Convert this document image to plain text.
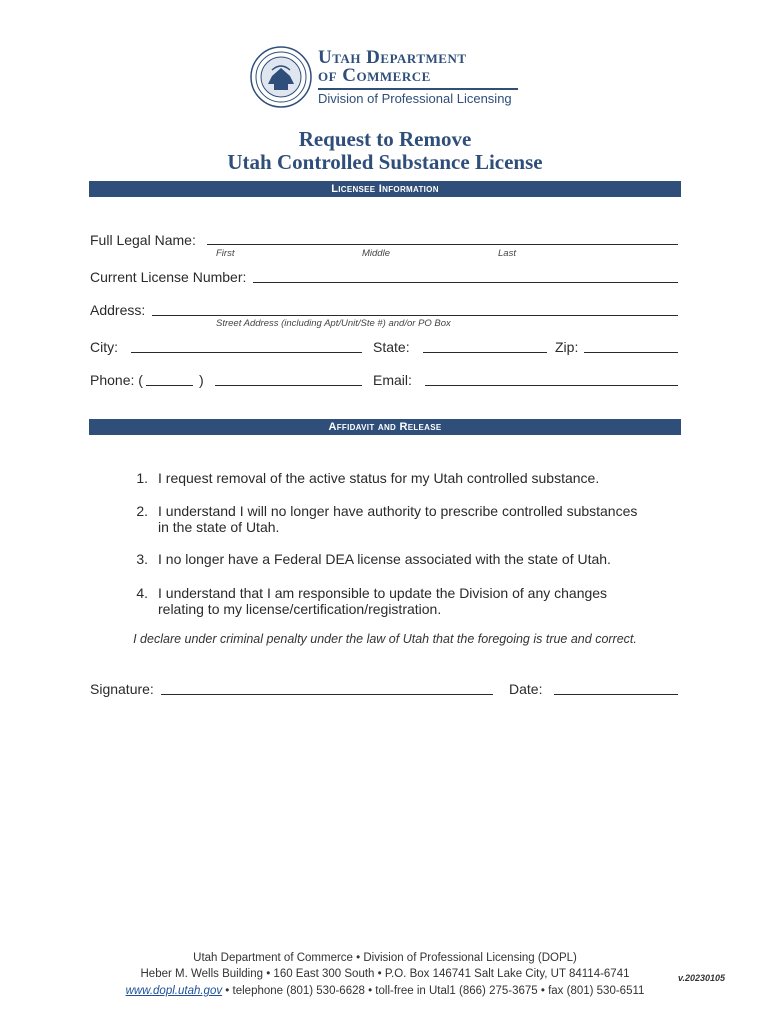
Utah Department
of Commerce
Division of Professional Licensing
Request to Remove
Utah Controlled Substance License
Licensee Information
Full Legal Name:
First	Middle	Last
Current License Number:
Address:
Street Address (including Apt/Unit/Ste #) and/or PO Box
City:	State:	Zip:
Phone: (	)	Email:
Affidavit and Release
1. I request removal of the active status for my Utah controlled substance.
2. I understand I will no longer have authority to prescribe controlled substances
in the state of Utah.
3. I no longer have a Federal DEA license associated with the state of Utah.
4. I understand that I am responsible to update the Division of any changes
relating to my license/certification/registration.
I declare under criminal penalty under the law of Utah that the foregoing is true and correct.
Signature:	Date:
Utah Department of Commerce • Division of Professional Licensing (DOPL)
Heber M. Wells Building • 160 East 300 South • P.O. Box 146741 Salt Lake City, UT 84114-6741
www.dopl.utah.gov • telephone (801) 530-6628 • toll-free in Utal1 (866) 275-3675 • fax (801) 530-6511
v.20230105
